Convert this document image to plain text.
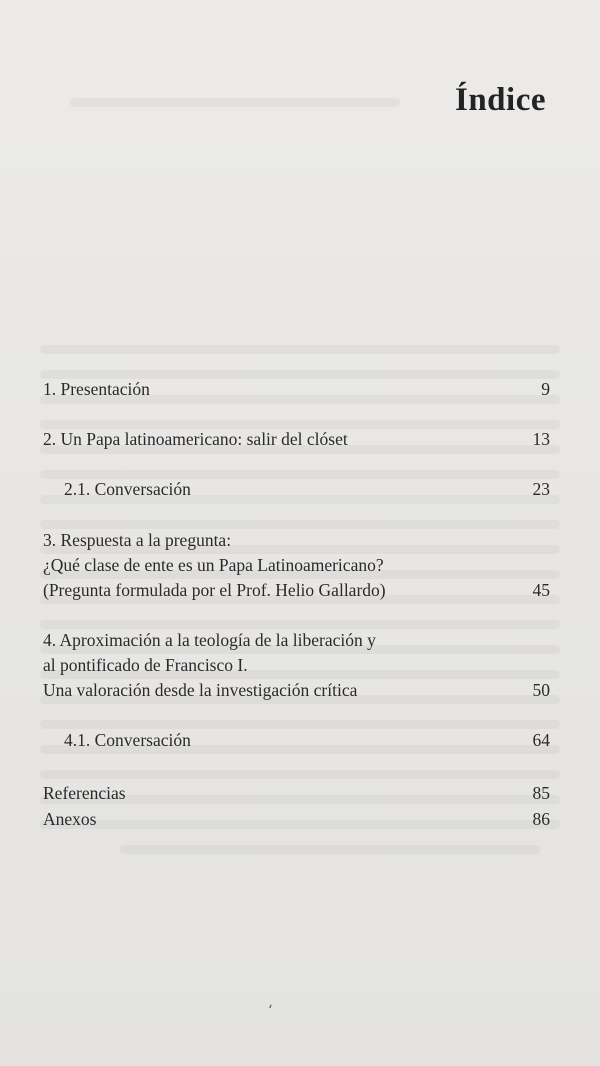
Índice
1. Presentación	9
2. Un Papa latinoamericano: salir del clóset	13
2.1. Conversación	23
3. Respuesta a la pregunta:
¿Qué clase de ente es un Papa Latinoamericano?
(Pregunta formulada por el Prof. Helio Gallardo)	45
4. Aproximación a la teología de la liberación y
al pontificado de Francisco I.
Una valoración desde la investigación crítica	50
4.1. Conversación	64
Referencias	85
Anexos	86
‘
